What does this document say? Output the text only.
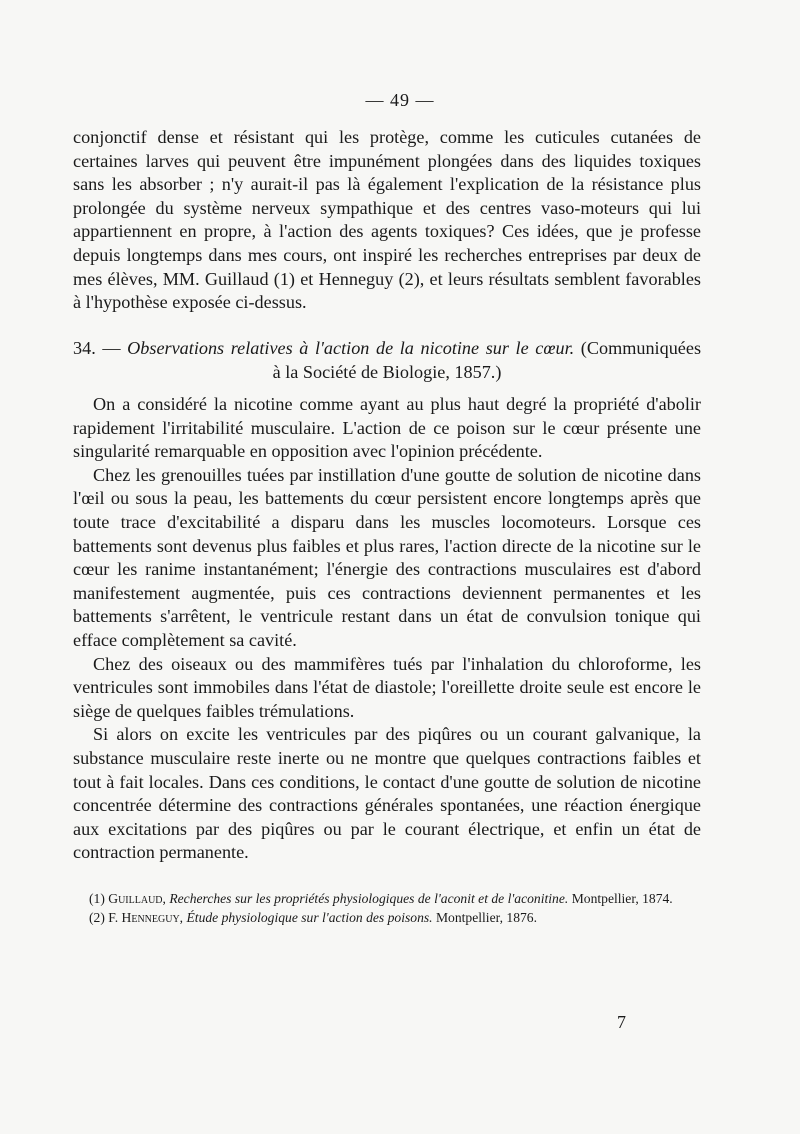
— 49 —

conjonctif dense et résistant qui les protège, comme les cuticules cutanées de certaines larves qui peuvent être impunément plongées dans des liquides toxiques sans les absorber ; n'y aurait-il pas là également l'explication de la résistance plus prolongée du système nerveux sympathique et des centres vaso-moteurs qui lui appartiennent en propre, à l'action des agents toxiques? Ces idées, que je professe depuis longtemps dans mes cours, ont inspiré les recherches entreprises par deux de mes élèves, MM. Guillaud (1) et Henneguy (2), et leurs résultats semblent favorables à l'hypothèse exposée ci-dessus.

34. — Observations relatives à l'action de la nicotine sur le cœur. (Communiquées
à la Société de Biologie, 1857.)

On a considéré la nicotine comme ayant au plus haut degré la propriété d'abolir rapidement l'irritabilité musculaire. L'action de ce poison sur le cœur présente une singularité remarquable en opposition avec l'opinion précédente.

Chez les grenouilles tuées par instillation d'une goutte de solution de nicotine dans l'œil ou sous la peau, les battements du cœur persistent encore longtemps après que toute trace d'excitabilité a disparu dans les muscles locomoteurs. Lorsque ces battements sont devenus plus faibles et plus rares, l'action directe de la nicotine sur le cœur les ranime instantanément; l'énergie des contractions musculaires est d'abord manifestement augmentée, puis ces contractions deviennent permanentes et les battements s'arrêtent, le ventricule restant dans un état de convulsion tonique qui efface complètement sa cavité.

Chez des oiseaux ou des mammifères tués par l'inhalation du chloroforme, les ventricules sont immobiles dans l'état de diastole; l'oreillette droite seule est encore le siège de quelques faibles trémulations.

Si alors on excite les ventricules par des piqûres ou un courant galvanique, la substance musculaire reste inerte ou ne montre que quelques contractions faibles et tout à fait locales. Dans ces conditions, le contact d'une goutte de solution de nicotine concentrée détermine des contractions générales spontanées, une réaction énergique aux excitations par des piqûres ou par le courant électrique, et enfin un état de contraction permanente.

(1) Guillaud, Recherches sur les propriétés physiologiques de l'aconit et de l'aconitine. Montpellier, 1874.
(2) F. Henneguy, Étude physiologique sur l'action des poisons. Montpellier, 1876.
7
